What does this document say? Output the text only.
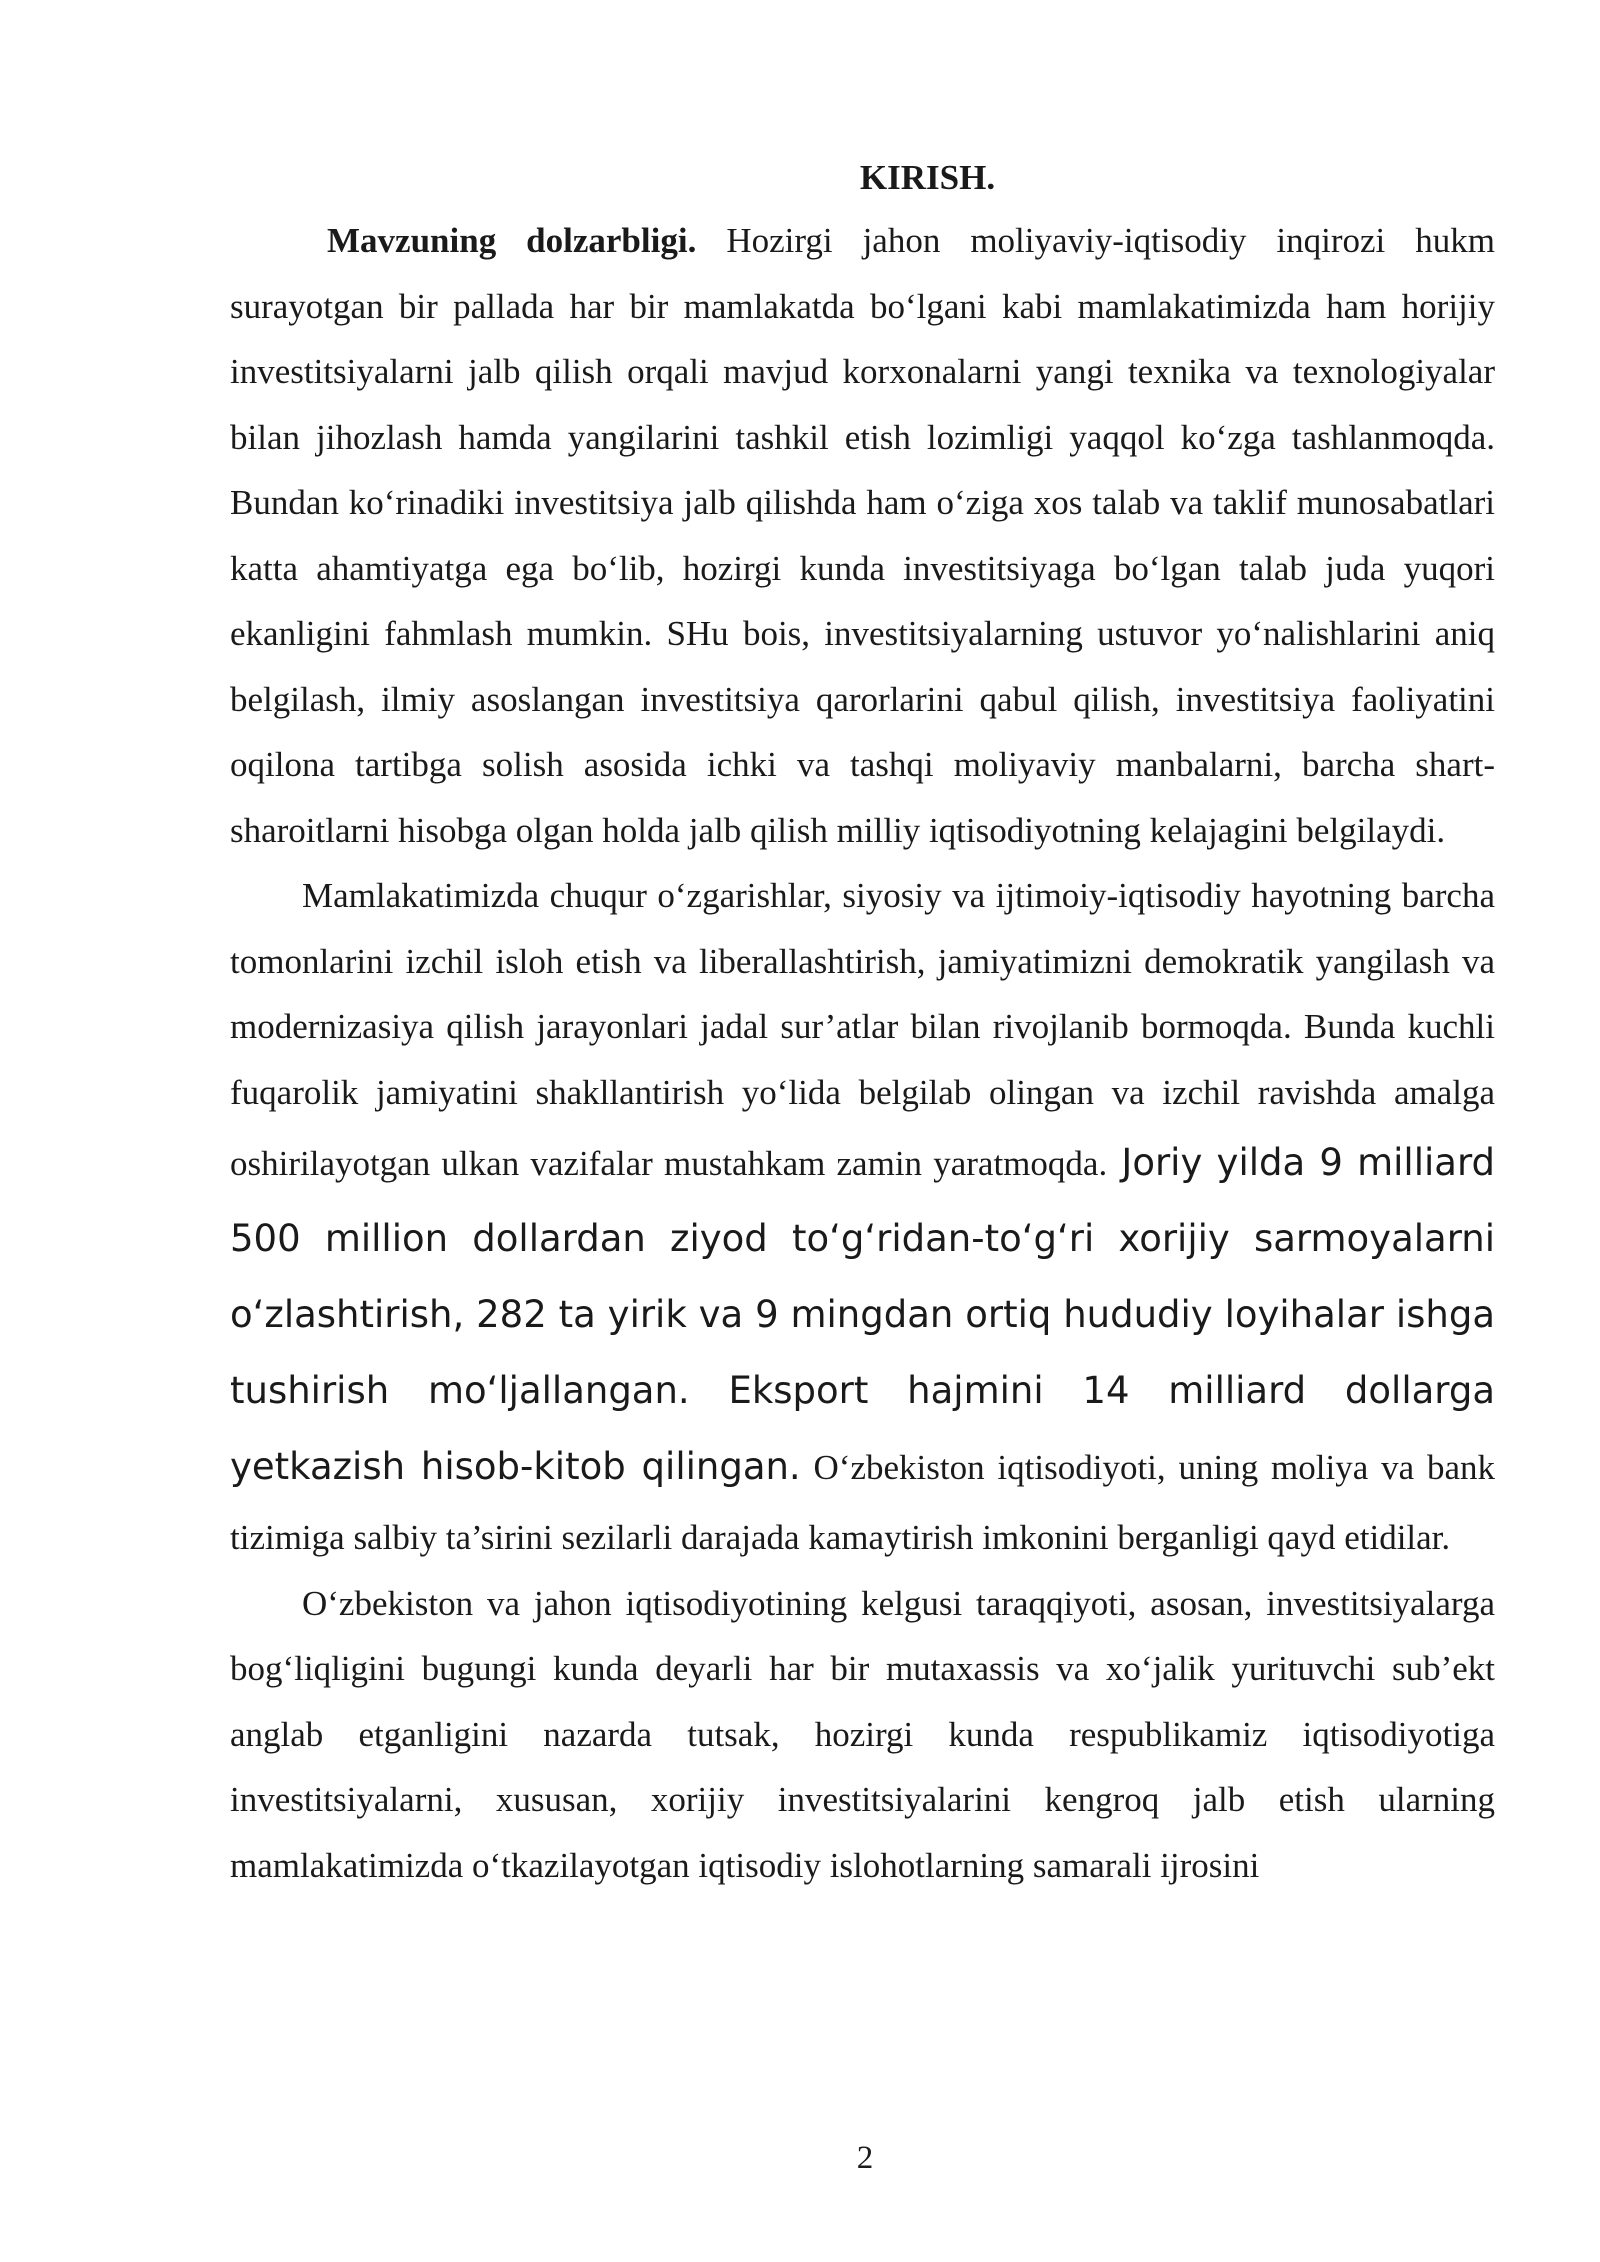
KIRISH.

Mavzuning dolzarbligi. Hozirgi jahon moliyaviy-iqtisodiy inqirozi hukm surayotgan bir pallada har bir mamlakatda bo‘lgani kabi mamlakatimizda ham horijiy investitsiyalarni jalb qilish orqali mavjud korxonalarni yangi texnika va texnologiyalar bilan jihozlash hamda yangilarini tashkil etish lozimligi yaqqol ko‘zga tashlanmoqda. Bundan ko‘rinadiki investitsiya jalb qilishda ham o‘ziga xos talab va taklif munosabatlari katta ahamtiyatga ega bo‘lib, hozirgi kunda investitsiyaga bo‘lgan talab juda yuqori ekanligini fahmlash mumkin. SHu bois, investitsiyalarning ustuvor yo‘nalishlarini aniq belgilash, ilmiy asoslangan investitsiya qarorlarini qabul qilish, investitsiya faoliyatini oqilona tartibga solish asosida ichki va tashqi moliyaviy manbalarni, barcha shart-sharoitlarni hisobga olgan holda jalb qilish milliy iqtisodiyotning kelajagini belgilaydi.

Mamlakatimizda chuqur o‘zgarishlar, siyosiy va ijtimoiy-iqtisodiy hayotning barcha tomonlarini izchil isloh etish va liberallashtirish, jamiyatimizni demokratik yangilash va modernizasiya qilish jarayonlari jadal sur’atlar bilan rivojlanib bormoqda. Bunda kuchli fuqarolik jamiyatini shakllantirish yo‘lida belgilab olingan va izchil ravishda amalga oshirilayotgan ulkan vazifalar mustahkam zamin yaratmoqda. Joriy yilda 9 milliard 500 million dollardan ziyod to‘g‘ridan-to‘g‘ri xorijiy sarmoyalarni o‘zlashtirish, 282 ta yirik va 9 mingdan ortiq hududiy loyihalar ishga tushirish mo‘ljallangan. Eksport hajmini 14 milliard dollarga yetkazish hisob-kitob qilingan. O‘zbekiston iqtisodiyoti, uning moliya va bank tizimiga salbiy ta’sirini sezilarli darajada kamaytirish imkonini berganligi qayd etidilar.

O‘zbekiston va jahon iqtisodiyotining kelgusi taraqqiyoti, asosan, investitsiyalarga bog‘liqligini bugungi kunda deyarli har bir mutaxassis va xo‘jalik yurituvchi sub’ekt anglab etganligini nazarda tutsak, hozirgi kunda respublikamiz iqtisodiyotiga investitsiyalarni, xususan, xorijiy investitsiyalarini kengroq jalb etish ularning mamlakatimizda o‘tkazilayotgan iqtisodiy islohotlarning samarali ijrosini

2
